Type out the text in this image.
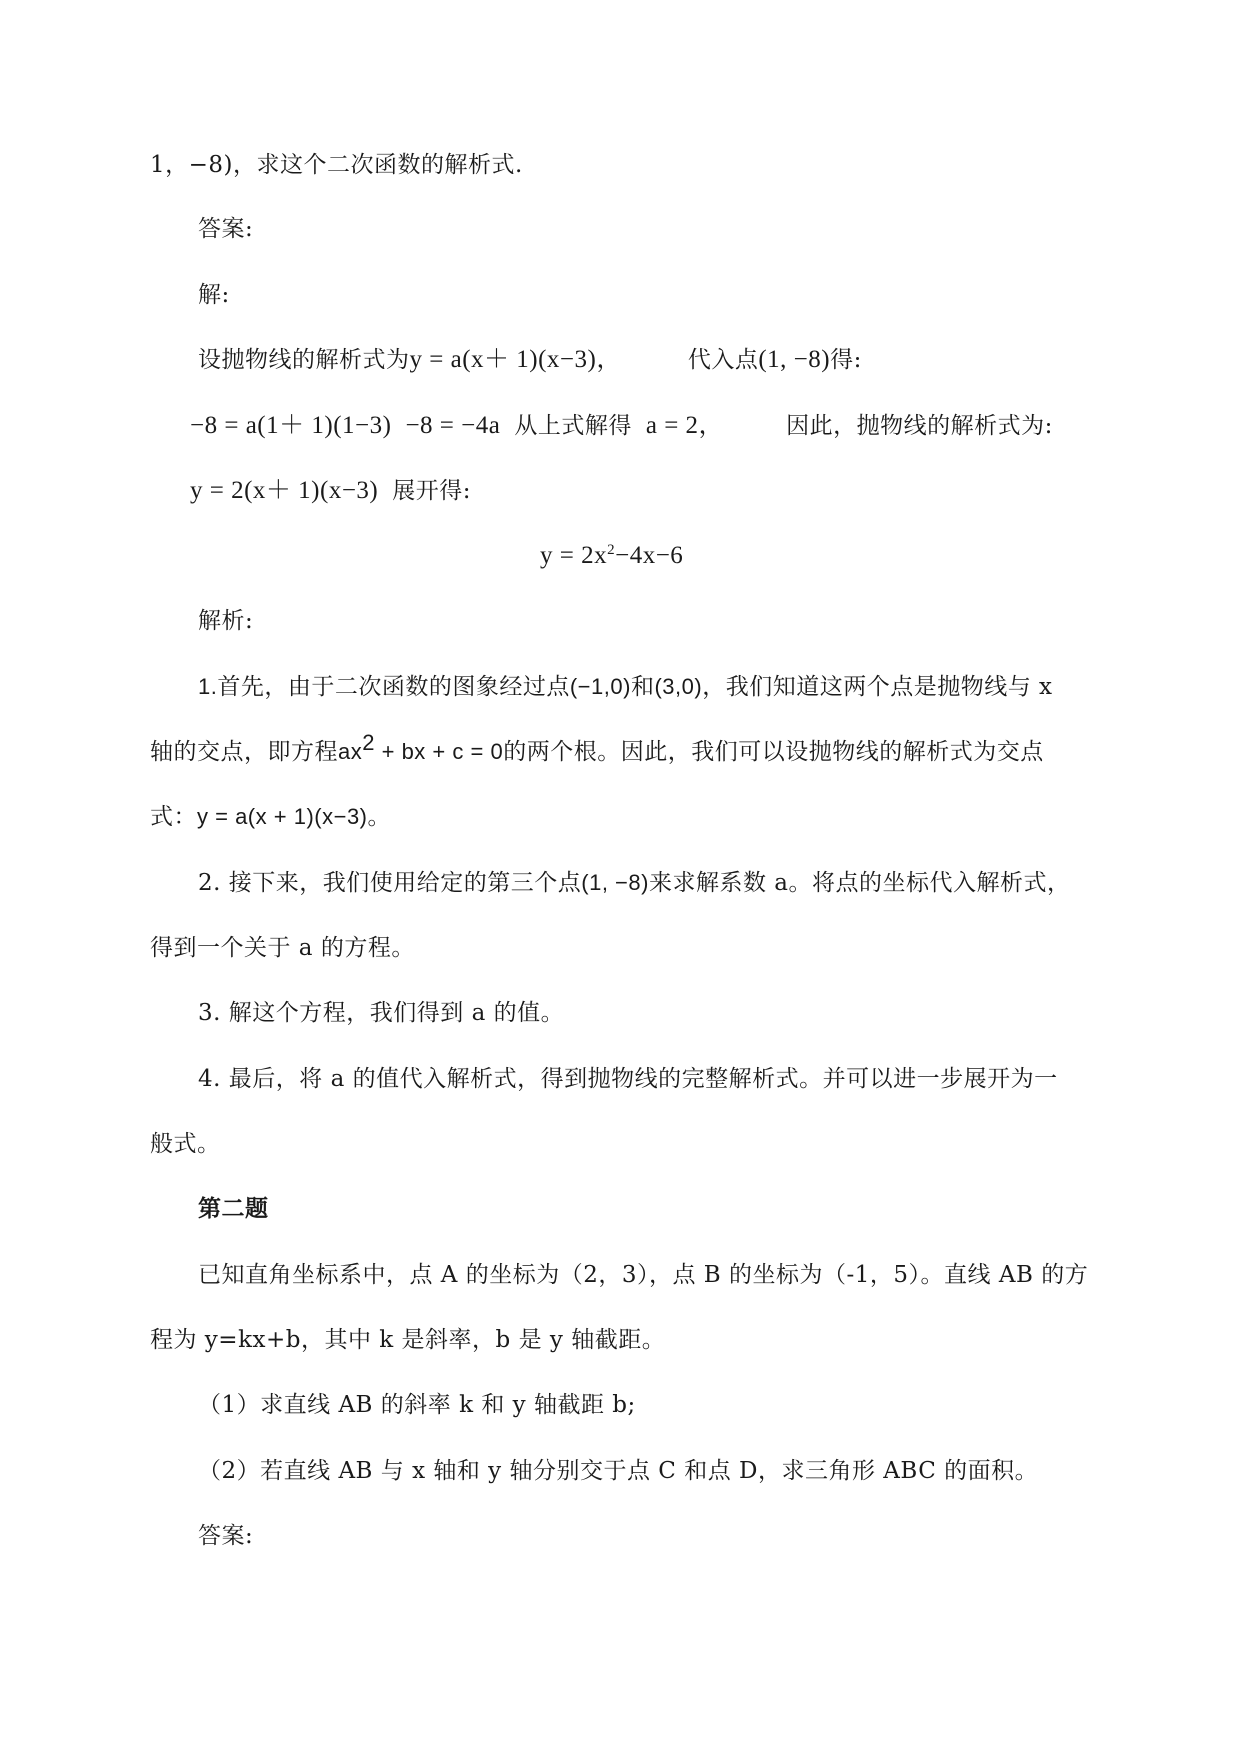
1，−8)，求这个二次函数的解析式.
答案:
解:
设抛物线的解析式为y = a(x＋ 1)(x−3)，	代入点(1, −8)得:
−8 = a(1＋ 1)(1−3) −8 = −4a 从上式解得 a = 2，	因此，抛物线的解析式为:
y = 2(x＋ 1)(x−3) 展开得:
$y = 2x^2-4x-6$
解析:
1.首先，由于二次函数的图象经过点(−1,0)和(3,0)，我们知道这两个点是抛物线与 x
轴的交点，即方程$ax^2$ + bx + c = 0的两个根。因此，我们可以设抛物线的解析式为交点
式：y = a(x + 1)(x−3)。
2. 接下来，我们使用给定的第三个点(1, −8)来求解系数 a。将点的坐标代入解析式，
得到一个关于 a 的方程。
3. 解这个方程，我们得到 a 的值。
4. 最后，将 a 的值代入解析式，得到抛物线的完整解析式。并可以进一步展开为一
般式。
第二题
已知直角坐标系中，点 A 的坐标为（2，3），点 B 的坐标为（-1，5）。直线 AB 的方
程为 y=kx+b，其中 k 是斜率，b 是 y 轴截距。
（1）求直线 AB 的斜率 k 和 y 轴截距 b;
（2）若直线 AB 与 x 轴和 y 轴分别交于点 C 和点 D，求三角形 ABC 的面积。
答案:
